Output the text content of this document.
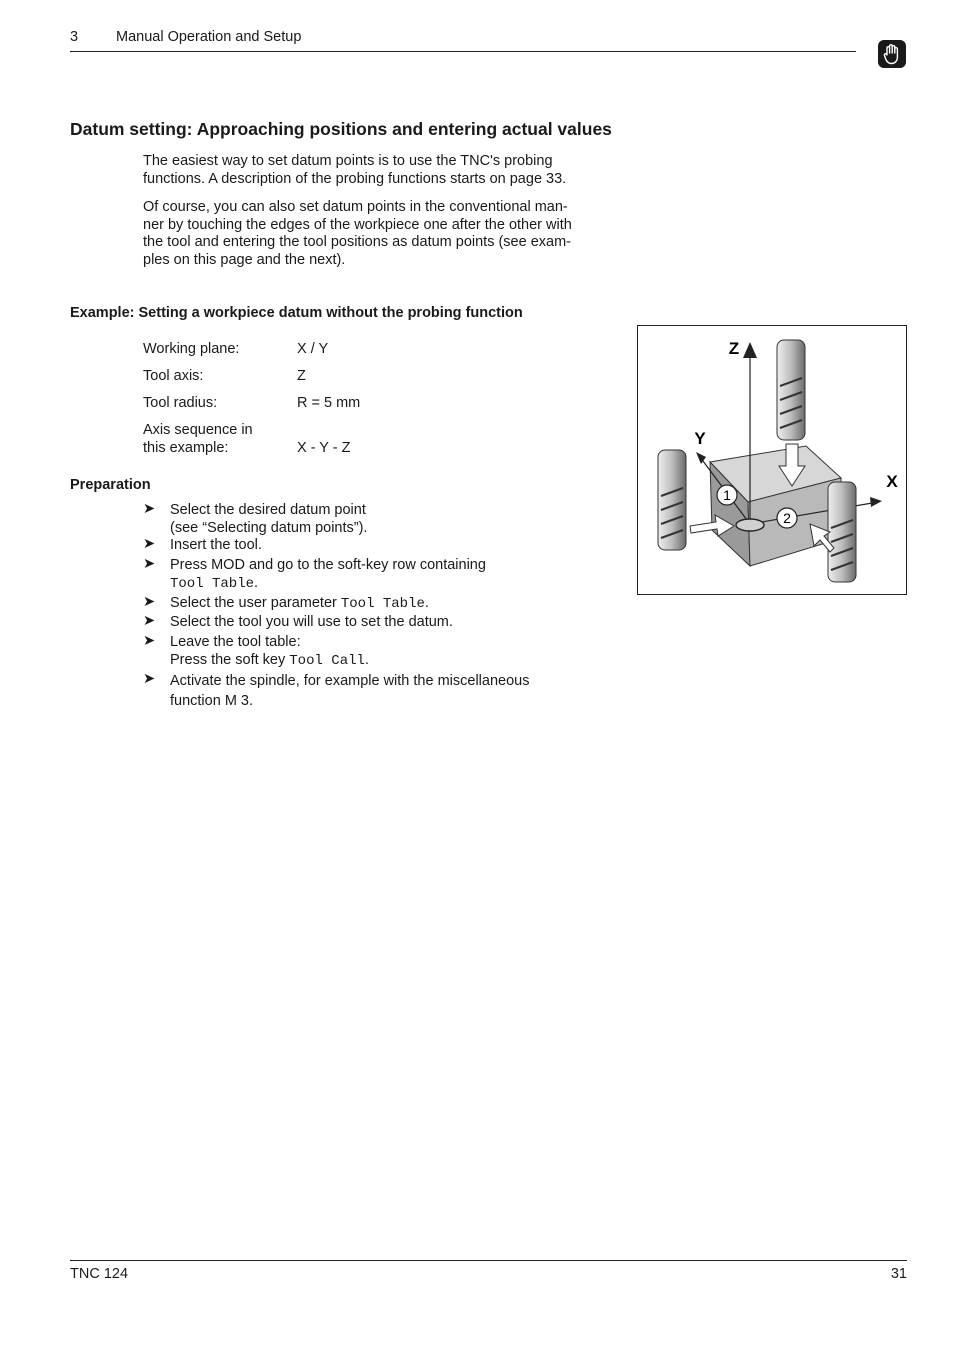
3	Manual Operation and Setup
Datum setting: Approaching positions and entering actual values
The easiest way to set datum points is to use the TNC's probing
functions. A description of the probing functions starts on page 33.
Of course, you can also set datum points in the conventional man-
ner by touching the edges of the workpiece one after the other with
the tool and entering the tool positions as datum points (see exam-
ples on this page and the next).
Example: Setting a workpiece datum without the probing function
Working plane:	X / Y
Tool axis:	Z
Tool radius:	R = 5 mm
Axis sequence in
this example:	X - Y - Z
Preparation
➤ Select the desired datum point
(see “Selecting datum points”).
➤ Insert the tool.
➤ Press MOD and go to the soft-key row containing
Tool Table.
➤ Select the user parameter Tool Table.
➤ Select the tool you will use to set the datum.
➤ Leave the tool table:
Press the soft key Tool Call.
➤ Activate the spindle, for example with the miscellaneous
function M 3.
1
2
Z
Y
X
TNC 124	31
